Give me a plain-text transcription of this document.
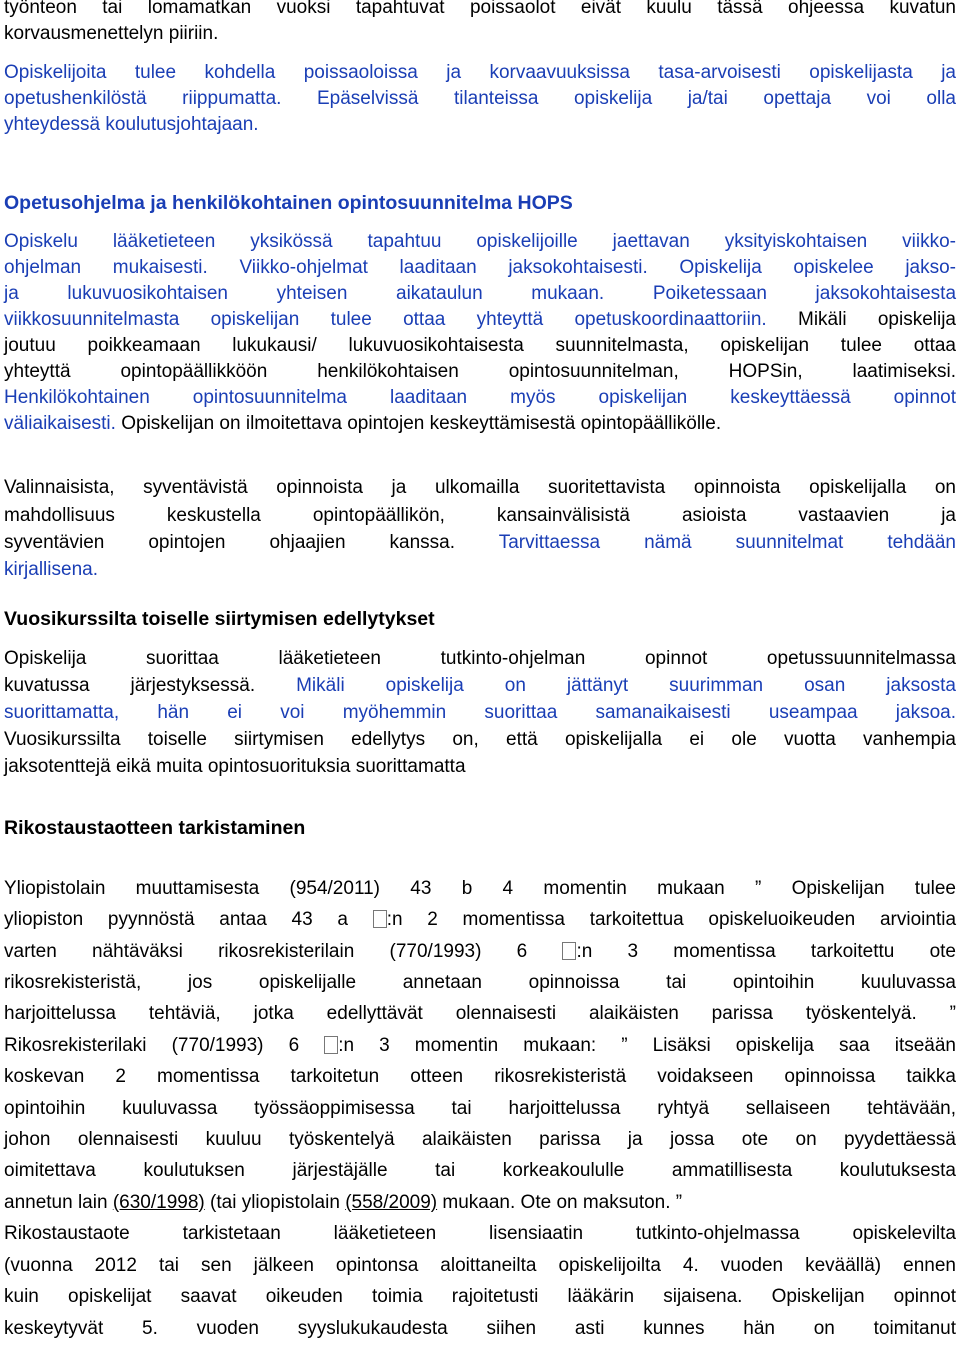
työnteon tai lomamatkan vuoksi tapahtuvat poissaolot eivät kuulu tässä ohjeessa kuvatun
korvausmenettelyn piiriin.
Opiskelijoita tulee kohdella poissaoloissa ja korvaavuuksissa tasa-arvoisesti opiskelijasta ja
opetushenkilöstä riippumatta. Epäselvissä tilanteissa opiskelija ja/tai opettaja voi olla
yhteydessä koulutusjohtajaan.
Opetusohjelma ja henkilökohtainen opintosuunnitelma HOPS
Opiskelu lääketieteen yksikössä tapahtuu opiskelijoille jaettavan yksityiskohtaisen viikko-
ohjelman mukaisesti. Viikko-ohjelmat laaditaan jaksokohtaisesti. Opiskelija opiskelee jakso-
ja lukuvuosikohtaisen yhteisen aikataulun mukaan.	Poiketessaan jaksokohtaisesta
viikkosuunnitelmasta opiskelijan tulee ottaa yhteyttä opetuskoordinaattoriin. Mikäli opiskelija
joutuu poikkeamaan lukukausi/ lukuvuosikohtaisesta suunnitelmasta, opiskelijan tulee ottaa
yhteyttä opintopäällikköön henkilökohtaisen opintosuunnitelman, HOPSin, laatimiseksi.
Henkilökohtainen opintosuunnitelma laaditaan myös opiskelijan keskeyttäessä opinnot
väliaikaisesti. Opiskelijan on ilmoitettava opintojen keskeyttämisestä opintopäällikölle.
Valinnaisista, syventävistä opinnoista ja ulkomailla suoritettavista opinnoista opiskelijalla on
mahdollisuus keskustella opintopäällikön, kansainvälisistä asioista vastaavien ja
syventävien opintojen ohjaajien kanssa. Tarvittaessa nämä suunnitelmat tehdään
kirjallisena.
Vuosikurssilta toiselle siirtymisen edellytykset
Opiskelija suorittaa lääketieteen tutkinto-ohjelman opinnot opetussuunnitelmassa
kuvatussa järjestyksessä. Mikäli opiskelija on jättänyt suurimman osan jaksosta
suorittamatta, hän ei voi myöhemmin suorittaa samanaikaisesti useampaa jaksoa.
Vuosikurssilta toiselle siirtymisen edellytys on, että opiskelijalla ei ole vuotta vanhempia
jaksotenttejä eikä muita opintosuorituksia suorittamatta
Rikostaustaotteen tarkistaminen
Yliopistolain muuttamisesta (954/2011) 43 b 4 momentin mukaan ” Opiskelijan tulee
yliopiston pyynnöstä antaa 43 a :n 2 momentissa tarkoitettua opiskeluoikeuden arviointia
varten nähtäväksi rikosrekisterilain (770/1993) 6	:n 3 momentissa tarkoitettu ote
rikosrekisteristä, jos opiskelijalle annetaan opinnoissa tai opintoihin kuuluvassa
harjoittelussa tehtäviä, jotka edellyttävät olennaisesti alaikäisten parissa työskentelyä. ”
Rikosrekisterilaki (770/1993) 6 :n 3 momentin mukaan: ” Lisäksi opiskelija saa itseään
koskevan 2 momentissa tarkoitetun otteen rikosrekisteristä voidakseen opinnoissa taikka
opintoihin kuuluvassa työssäoppimisessa tai harjoittelussa ryhtyä sellaiseen tehtävään,
johon olennaisesti kuuluu työskentelyä alaikäisten parissa ja jossa ote on pyydettäessä
oimitettava koulutuksen järjestäjälle tai korkeakoululle ammatillisesta koulutuksesta
annetun lain (630/1998) (tai yliopistolain (558/2009) mukaan. Ote on maksuton. ”
Rikostaustaote tarkistetaan lääketieteen lisensiaatin tutkinto-ohjelmassa opiskelevilta
(vuonna 2012 tai sen jälkeen opintonsa aloittaneilta opiskelijoilta 4. vuoden keväällä) ennen
kuin opiskelijat saavat oikeuden toimia rajoitetusti lääkärin sijaisena. Opiskelijan opinnot
keskeytyvät 5. vuoden syyslukukaudesta siihen asti kunnes hän on toimitanut
